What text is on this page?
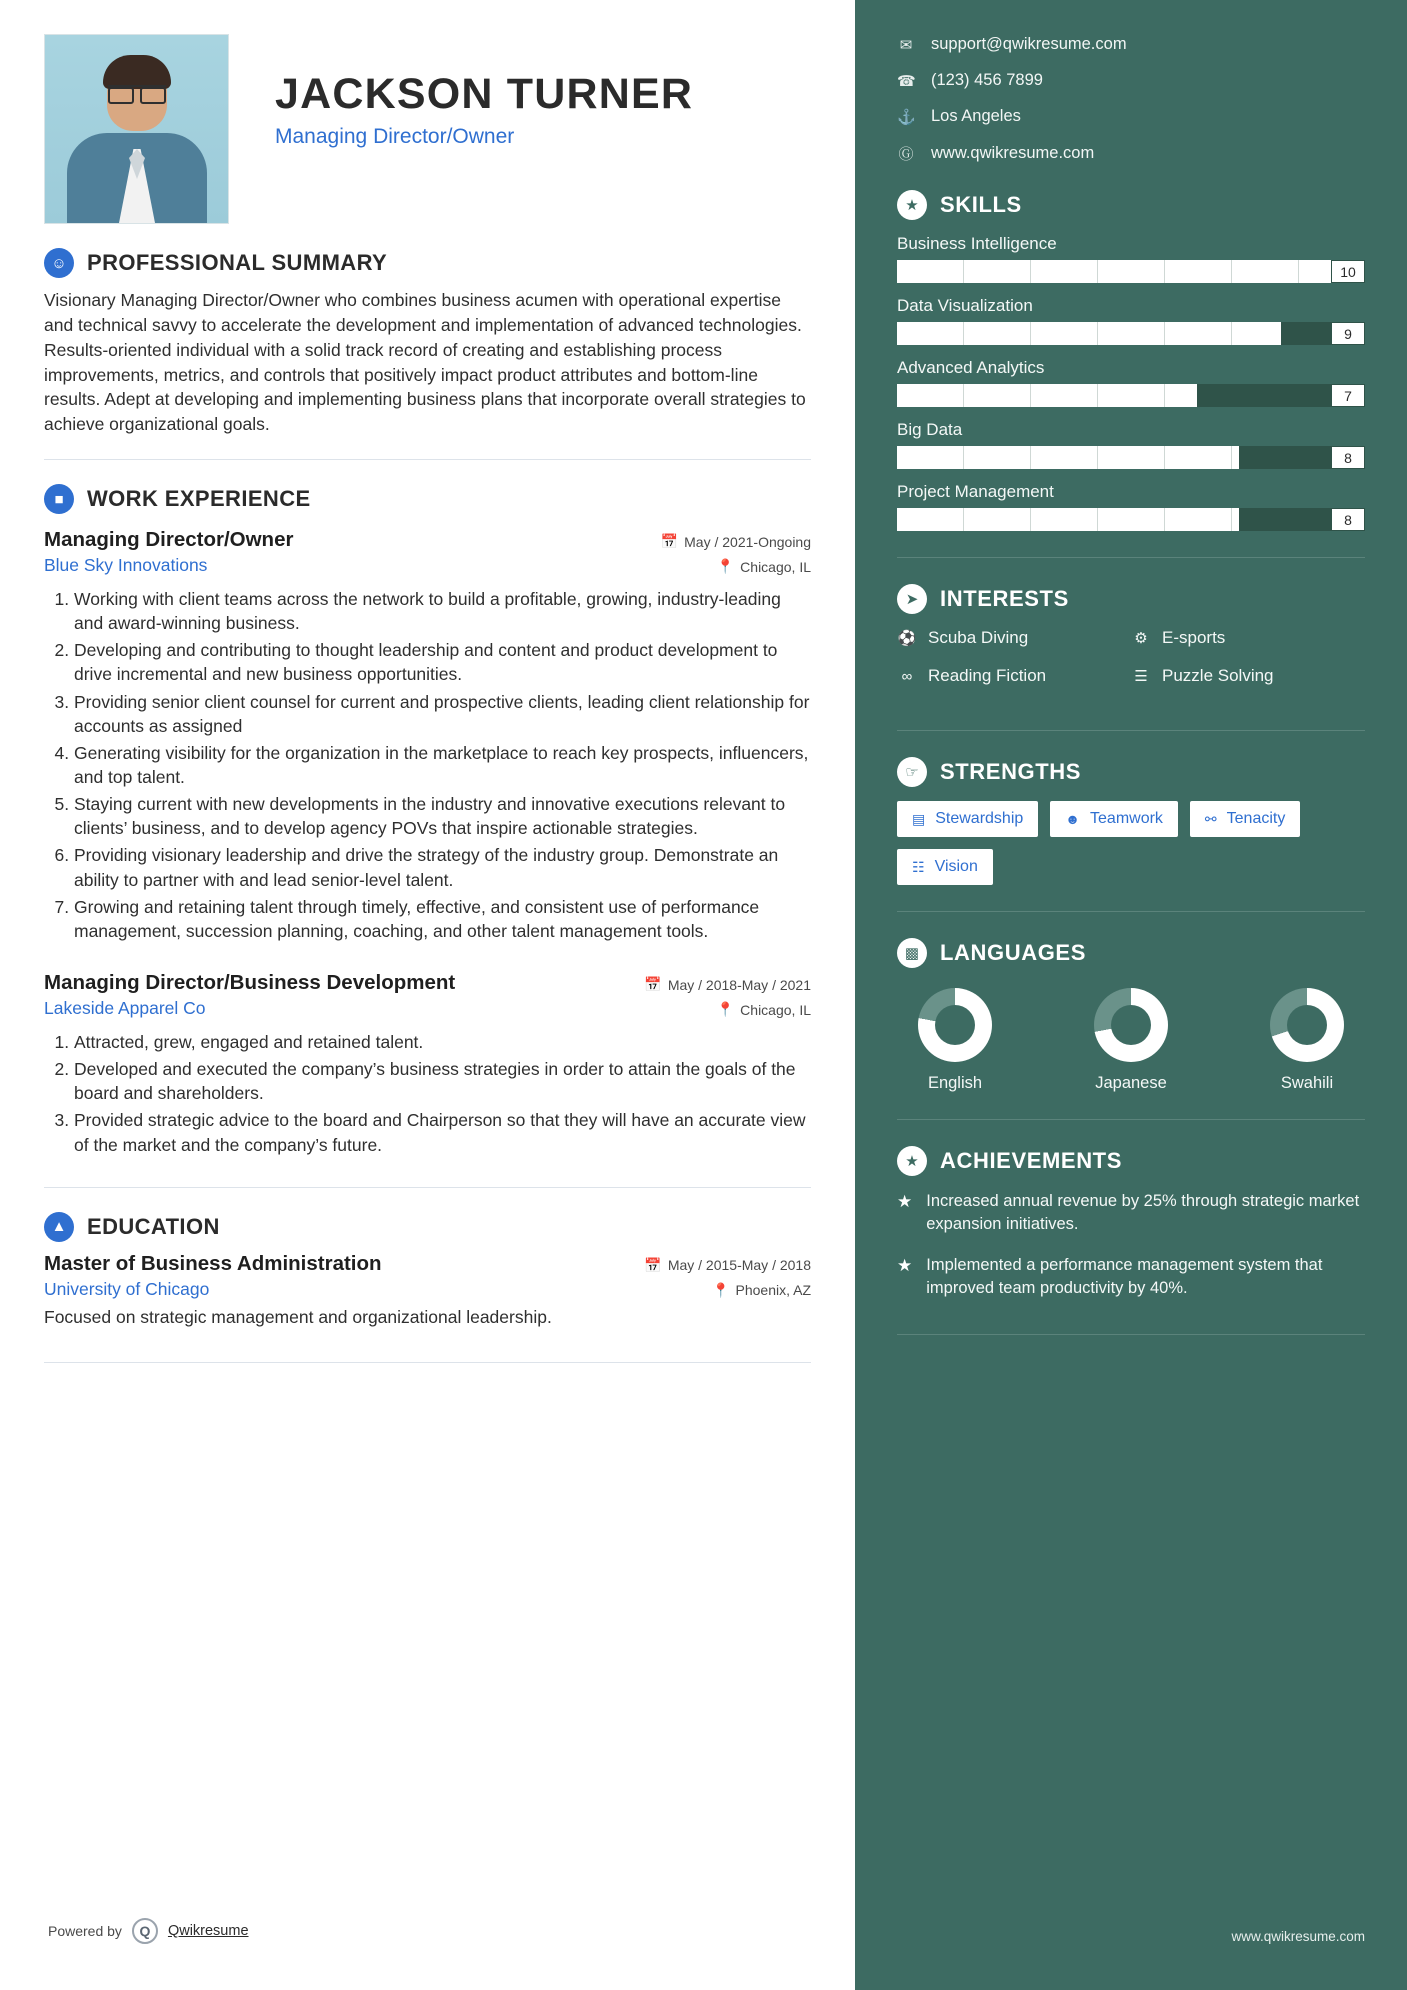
JACKSON TURNER
Managing Director/Owner
☺ PROFESSIONAL SUMMARY
Visionary Managing Director/Owner who combines business acumen with operational expertise and technical savvy to accelerate the development and implementation of advanced technologies. Results-oriented individual with a solid track record of creating and establishing process improvements, metrics, and controls that positively impact product attributes and bottom-line results. Adept at developing and implementing business plans that incorporate overall strategies to achieve organizational goals.
■	WORK EXPERIENCE
Managing Director/Owner	📅 May / 2021-Ongoing
Blue Sky Innovations	📍 Chicago, IL
1. Working with client teams across the network to build a profitable, growing, industry-leading and award-winning business.
2. Developing and contributing to thought leadership and content and product development to drive incremental and new business opportunities.
3. Providing senior client counsel for current and prospective clients, leading client relationship for accounts as assigned
4. Generating visibility for the organization in the marketplace to reach key prospects, influencers, and top talent.
5. Staying current with new developments in the industry and innovative executions relevant to clients’ business, and to develop agency POVs that inspire actionable strategies.
6. Providing visionary leadership and drive the strategy of the industry group. Demonstrate an ability to partner with and lead senior-level talent.
7. Growing and retaining talent through timely, effective, and consistent use of performance management, succession planning, coaching, and other talent management tools.
Managing Director/Business Development	📅 May / 2018-May / 2021
Lakeside Apparel Co	📍 Chicago, IL
1. Attracted, grew, engaged and retained talent.
2. Developed and executed the company’s business strategies in order to attain the goals of the board and shareholders.
3. Provided strategic advice to the board and Chairperson so that they will have an accurate view of the market and the company’s future.
▲ EDUCATION
Master of Business Administration	📅 May / 2015-May / 2018
University of Chicago	📍 Phoenix, AZ
Focused on strategic management and organizational leadership.
Powered by	Q	Qwikresume
✉ support@qwikresume.com
☎ (123) 456 7899
⚓ Los Angeles
Ⓖ www.qwikresume.com
★ SKILLS
Business Intelligence
10
Data Visualization
9
Advanced Analytics
7
Big Data
8
Project Management
8
➤ INTERESTS
⚽ Scuba Diving	⚙ E-sports
∞ Reading Fiction	☰ Puzzle Solving
☞ STRENGTHS
▤ Stewardship	☻ Teamwork	⚯ Tenacity
☷ Vision
▩ LANGUAGES
English	Japanese	Swahili
★ ACHIEVEMENTS
★ Increased annual revenue by 25% through strategic market expansion initiatives.
★ Implemented a performance management system that improved team productivity by 40%.
www.qwikresume.com
